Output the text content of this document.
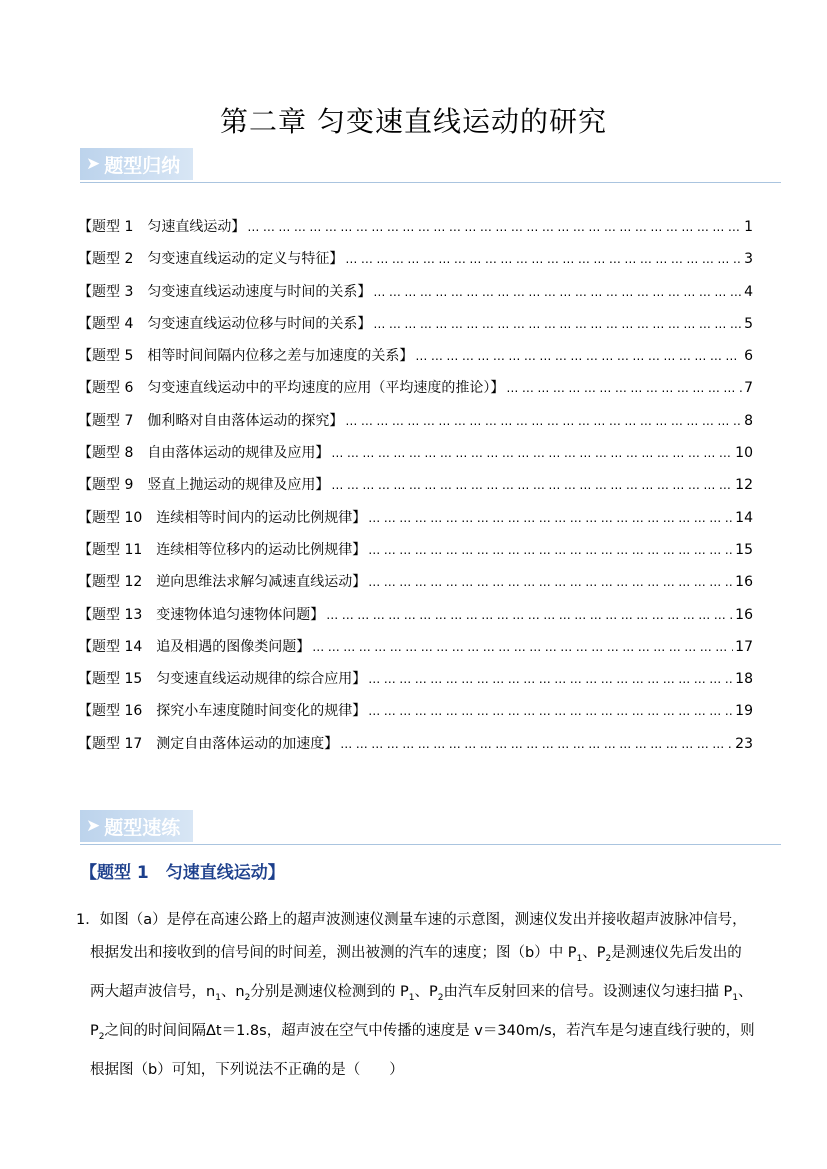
第二章 匀变速直线运动的研究
➤ 题型归纳
【题型 1　匀速直线运动】 ………………………………………………………………………………………………………………………………………………………………………………………	1
【题型 2　匀变速直线运动的定义与特征】 ………………………………………………………………………………………………………………………………………………………………………………………	3
【题型 3　匀变速直线运动速度与时间的关系】 ………………………………………………………………………………………………………………………………………………………………………………………	4
【题型 4　匀变速直线运动位移与时间的关系】 ………………………………………………………………………………………………………………………………………………………………………………………	5
【题型 5　相等时间间隔内位移之差与加速度的关系】 ………………………………………………………………………………………………………………………………………………………………………………………	6
【题型 6　匀变速直线运动中的平均速度的应用（平均速度的推论）】 ………………………………………………………………………………………………………………………………………………………………………………………	7
【题型 7　伽利略对自由落体运动的探究】 ………………………………………………………………………………………………………………………………………………………………………………………	8
【题型 8　自由落体运动的规律及应用】 ………………………………………………………………………………………………………………………………………………………………………………………	10
【题型 9　竖直上抛运动的规律及应用】 ………………………………………………………………………………………………………………………………………………………………………………………	12
【题型 10　连续相等时间内的运动比例规律】 ………………………………………………………………………………………………………………………………………………………………………………………	14
【题型 11　连续相等位移内的运动比例规律】 ………………………………………………………………………………………………………………………………………………………………………………………	15
【题型 12　逆向思维法求解匀减速直线运动】 ………………………………………………………………………………………………………………………………………………………………………………………	16
【题型 13　变速物体追匀速物体问题】 ………………………………………………………………………………………………………………………………………………………………………………………	16
【题型 14　追及相遇的图像类问题】 ………………………………………………………………………………………………………………………………………………………………………………………	17
【题型 15　匀变速直线运动规律的综合应用】 ………………………………………………………………………………………………………………………………………………………………………………………	18
【题型 16　探究小车速度随时间变化的规律】 ………………………………………………………………………………………………………………………………………………………………………………………	19
【题型 17　测定自由落体运动的加速度】 ………………………………………………………………………………………………………………………………………………………………………………………	23
➤ 题型速练
【题型 1　匀速直线运动】

1．如图（a）是停在高速公路上的超声波测速仪测量车速的示意图，测速仪发出并接收超声波脉冲信号，

根据发出和接收到的信号间的时间差，测出被测的汽车的速度；图（b）中 $P_1$、$P_2$是测速仪先后发出的

两大超声波信号，$n_1$、$n_2$分别是测速仪检测到的 $P_1$、$P_2$由汽车反射回来的信号。设测速仪匀速扫描 $P_1$、

$P_2$之间的时间间隔Δt＝1.8s，超声波在空气中传播的速度是 v＝340m/s，若汽车是匀速直线行驶的，则

根据图（b）可知，下列说法不正确的是（　　）
